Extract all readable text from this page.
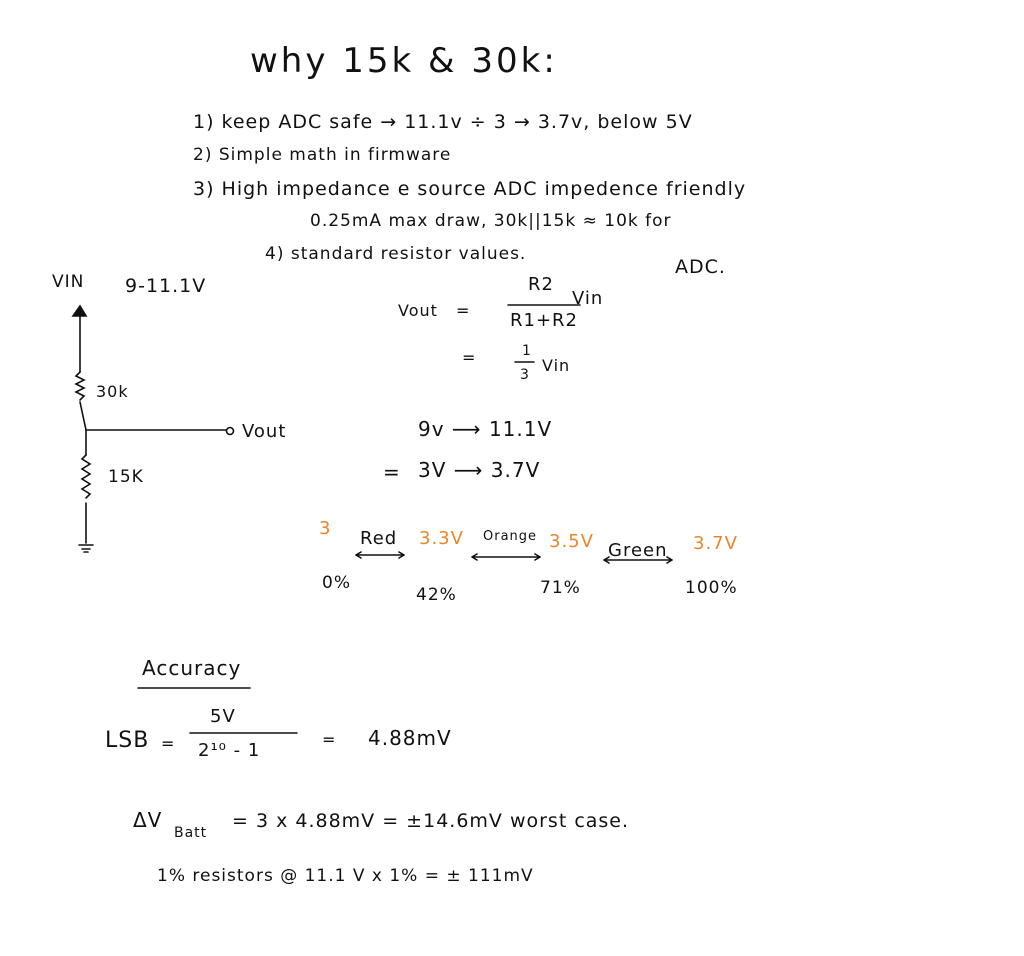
why 15k & 30k:
1) keep ADC safe → 11.1v ÷ 3 → 3.7v, below 5V
2) Simple math in firmware
3) High impedance e source ADC impedence friendly
0.25mA max draw, 30k||15k ≈ 10k for
ADC.
4) standard resistor values.
VIN 9-11.1V
30k
15K
Vout
Vout =
R2
R1+R2
Vin
=	1
3 Vin
9v ⟶ 11.1V
= 3V ⟶ 3.7V
3 Red 3.3V Orange 3.5V Green 3.7V
0%
42%	71%	100%
Accuracy
LSB =
5V
2¹⁰ - 1
= 4.88mV
ΔV
Batt
= 3 x 4.88mV = ±14.6mV worst case.
1% resistors @ 11.1 V x 1% = ± 111mV
